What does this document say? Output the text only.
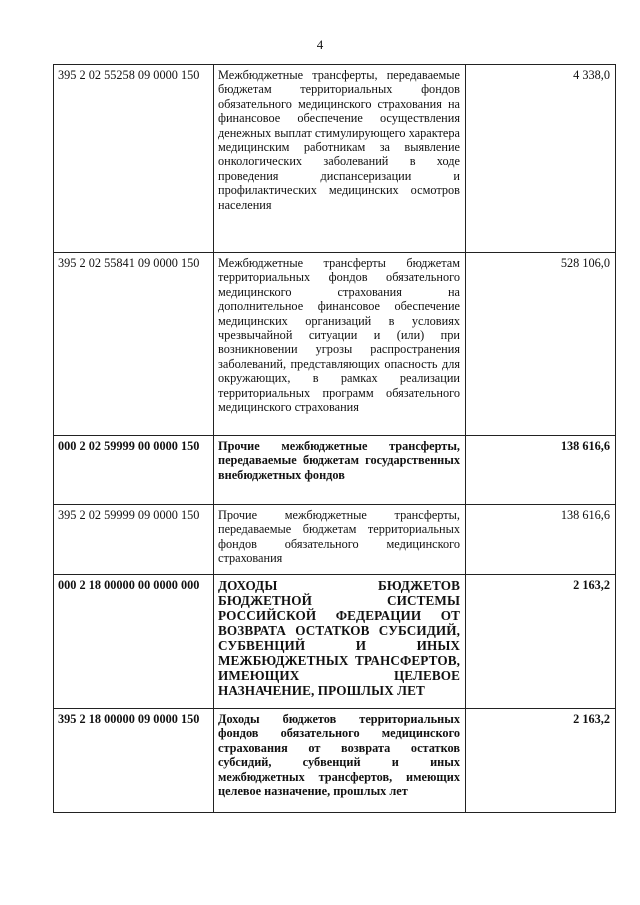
4
395 2 02 55258 09 0000 150	Межбюджетные трансферты, передаваемые бюджетам территориальных фондов обязательного медицинского страхования на финансовое обеспечение осуществления денежных выплат стимулирующего характера медицинским работникам за выявление онкологических заболеваний в ходе проведения диспансеризации и профилактических медицинских осмотров населения	4 338,0
395 2 02 55841 09 0000 150	Межбюджетные трансферты бюджетам территориальных фондов обязательного медицинского страхования на дополнительное финансовое обеспечение медицинских организаций в условиях чрезвычайной ситуации и (или) при возникновении угрозы распространения заболеваний, представляющих опасность для окружающих, в рамках реализации территориальных программ обязательного медицинского страхования	528 106,0
000 2 02 59999 00 0000 150	Прочие межбюджетные трансферты, передаваемые бюджетам государственных внебюджетных фондов	138 616,6
395 2 02 59999 09 0000 150	Прочие межбюджетные трансферты, передаваемые бюджетам территориальных фондов обязательного медицинского страхования	138 616,6
000 2 18 00000 00 0000 000	ДОХОДЫ БЮДЖЕТОВ БЮДЖЕТНОЙ СИСТЕМЫ РОССИЙСКОЙ ФЕДЕРАЦИИ ОТ ВОЗВРАТА ОСТАТКОВ СУБСИДИЙ, СУБВЕНЦИЙ И ИНЫХ МЕЖБЮДЖЕТНЫХ ТРАНСФЕРТОВ, ИМЕЮЩИХ ЦЕЛЕВОЕ НАЗНАЧЕНИЕ, ПРОШЛЫХ ЛЕТ	2 163,2
395 2 18 00000 09 0000 150	Доходы бюджетов территориальных фондов обязательного медицинского страхования от возврата остатков субсидий, субвенций и иных межбюджетных трансфертов, имеющих целевое назначение, прошлых лет	2 163,2
